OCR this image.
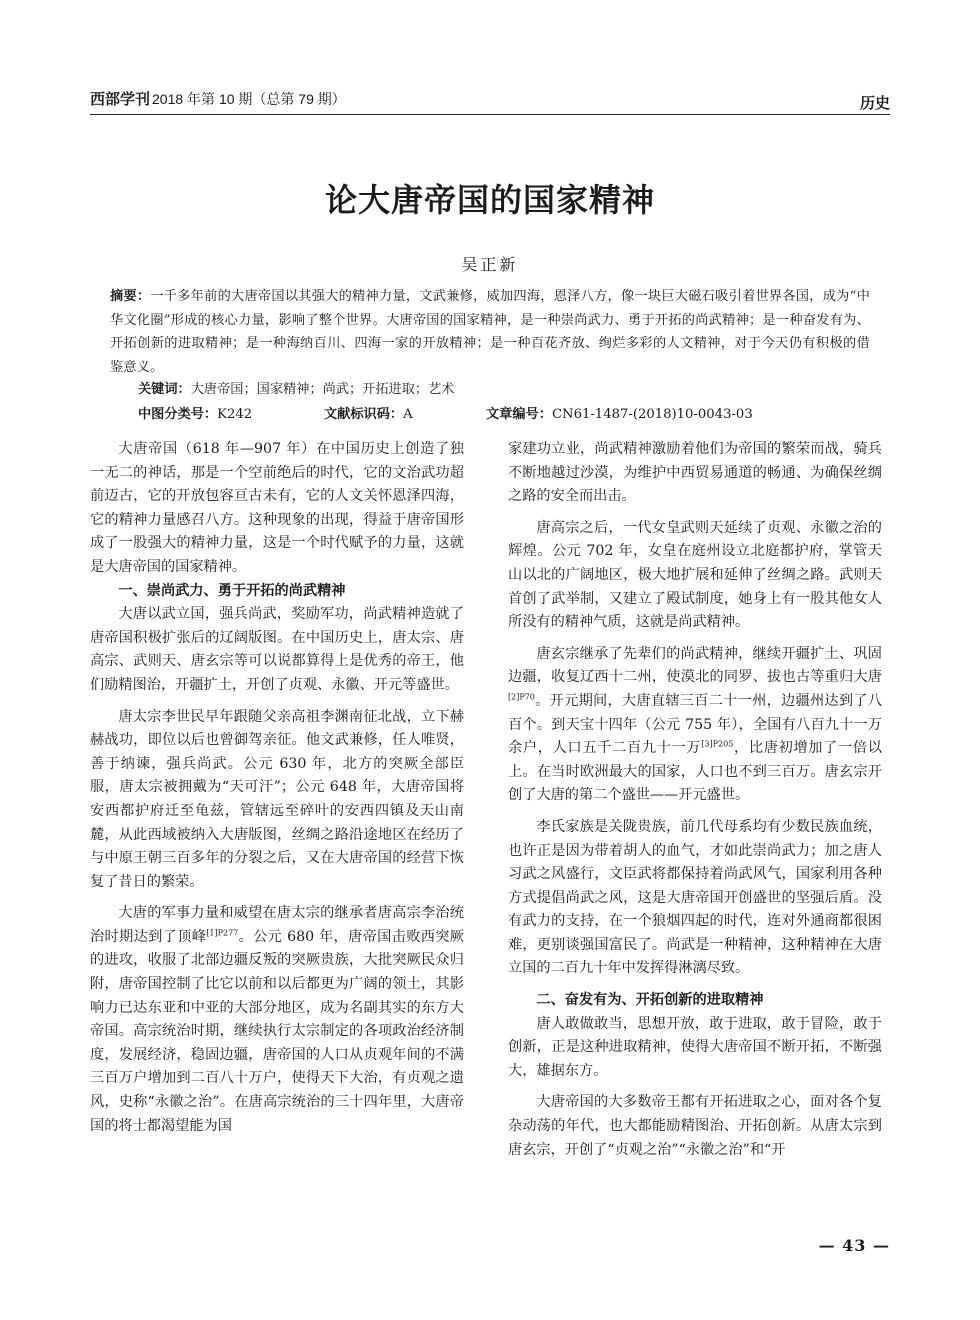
西部学刊 2018 年第 10 期（总第 79 期）	历史
论大唐帝国的国家精神
吴正新
摘要：一千多年前的大唐帝国以其强大的精神力量，文武兼修，威加四海，恩泽八方，像一块巨大磁石吸引着世界各国，成为“中华文化圈”形成的核心力量，影响了整个世界。大唐帝国的国家精神，是一种崇尚武力、勇于开拓的尚武精神；是一种奋发有为、开拓创新的进取精神；是一种海纳百川、四海一家的开放精神；是一种百花齐放、绚烂多彩的人文精神，对于今天仍有积极的借鉴意义。
关键词：大唐帝国；国家精神；尚武；开拓进取；艺术
中图分类号：K242	文献标识码：A	文章编号：CN61-1487-(2018)10-0043-03

大唐帝国（618 年—907 年）在中国历史上创造了独一无二的神话，那是一个空前绝后的时代，它的文治武功超前迈古，它的开放包容亘古未有，它的人文关怀恩泽四海，它的精神力量感召八方。这种现象的出现，得益于唐帝国形成了一股强大的精神力量，这是一个时代赋予的力量，这就是大唐帝国的国家精神。

一、崇尚武力、勇于开拓的尚武精神

大唐以武立国，强兵尚武，奖励军功，尚武精神造就了唐帝国积极扩张后的辽阔版图。在中国历史上，唐太宗、唐高宗、武则天、唐玄宗等可以说都算得上是优秀的帝王，他们励精图治，开疆扩土，开创了贞观、永徽、开元等盛世。

唐太宗李世民早年跟随父亲高祖李渊南征北战，立下赫赫战功，即位以后也曾御驾亲征。他文武兼修，任人唯贤，善于纳谏，强兵尚武。公元 630 年，北方的突厥全部臣服，唐太宗被拥戴为“天可汗”；公元 648 年，大唐帝国将安西都护府迁至龟兹，管辖远至碎叶的安西四镇及天山南麓，从此西域被纳入大唐版图，丝绸之路沿途地区在经历了与中原王朝三百多年的分裂之后，又在大唐帝国的经营下恢复了昔日的繁荣。

大唐的军事力量和威望在唐太宗的继承者唐高宗李治统治时期达到了顶峰$^{[1]P277}$。公元 680 年，唐帝国击败西突厥的进攻，收服了北部边疆反叛的突厥贵族，大批突厥民众归附，唐帝国控制了比它以前和以后都更为广阔的领土，其影响力已达东亚和中亚的大部分地区，成为名副其实的东方大帝国。高宗统治时期，继续执行太宗制定的各项政治经济制度，发展经济，稳固边疆，唐帝国的人口从贞观年间的不满三百万户增加到二百八十万户，使得天下大治，有贞观之遗风，史称“永徽之治”。在唐高宗统治的三十四年里，大唐帝国的将士都渴望能为国

家建功立业，尚武精神激励着他们为帝国的繁荣而战，骑兵不断地越过沙漠，为维护中西贸易通道的畅通、为确保丝绸之路的安全而出击。

唐高宗之后，一代女皇武则天延续了贞观、永徽之治的辉煌。公元 702 年，女皇在庭州设立北庭都护府，掌管天山以北的广阔地区，极大地扩展和延伸了丝绸之路。武则天首创了武举制，又建立了殿试制度，她身上有一股其他女人所没有的精神气质，这就是尚武精神。

唐玄宗继承了先辈们的尚武精神，继续开疆扩土、巩固边疆，收复辽西十二州，使漠北的同罗、拔也古等重归大唐$^{[2]P70}$。开元期间，大唐直辖三百二十一州，边疆州达到了八百个。到天宝十四年（公元 755 年），全国有八百九十一万余户，人口五千二百九十一万$^{[3]P205}$，比唐初增加了一倍以上。在当时欧洲最大的国家，人口也不到三百万。唐玄宗开创了大唐的第二个盛世——开元盛世。

李氏家族是关陇贵族，前几代母系均有少数民族血统，也许正是因为带着胡人的血气，才如此崇尚武力；加之唐人习武之风盛行，文臣武将都保持着尚武风气，国家利用各种方式提倡尚武之风，这是大唐帝国开创盛世的坚强后盾。没有武力的支持，在一个狼烟四起的时代，连对外通商都很困难，更别谈强国富民了。尚武是一种精神，这种精神在大唐立国的二百九十年中发挥得淋漓尽致。

二、奋发有为、开拓创新的进取精神

唐人敢做敢当，思想开放，敢于进取，敢于冒险，敢于创新，正是这种进取精神，使得大唐帝国不断开拓，不断强大，雄据东方。

大唐帝国的大多数帝王都有开拓进取之心，面对各个复杂动荡的年代，也大都能励精图治、开拓创新。从唐太宗到唐玄宗，开创了“贞观之治”“永徽之治”和“开

— 43 —
